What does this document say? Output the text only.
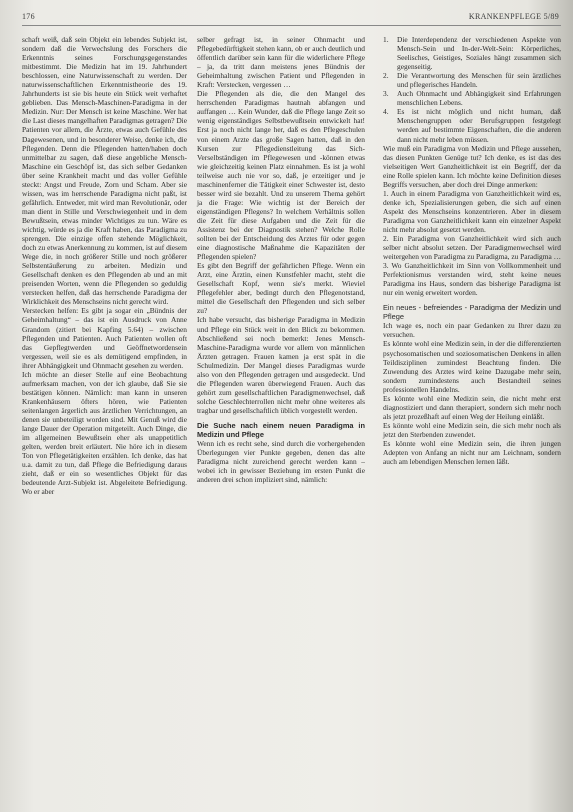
176	KRANKENPFLEGE 5/89

schaft weiß, daß sein Objekt ein lebendes Subjekt ist, sondern daß die Verwechslung des Forschers die Erkenntnis seines Forschungsgegenstandes mitbestimmt. Die Medizin hat im 19. Jahrhundert beschlossen, eine Naturwissenschaft zu werden. Der naturwissenschaftlichen Erkenntnistheorie des 19. Jahrhunderts ist sie bis heute ein Stück weit verhaftet geblieben. Das Mensch-Maschinen-Paradigma in der Medizin. Nur: Der Mensch ist keine Maschine. Wer hat die Last dieses mangelhaften Paradigmas getragen? Die Patienten vor allem, die Ärzte, etwas auch Gefühle des Dagewesenen, und in besonderer Weise, denke ich, die Pflegenden. Denn die Pflegenden hatten/haben doch unmittelbar zu sagen, daß diese angebliche Mensch-Maschine ein Geschöpf ist, das sich selber Gedanken über seine Krankheit macht und das voller Gefühle steckt: Angst und Freude, Zorn und Scham. Aber sie wissen, was im herrschende Paradigma nicht paßt, ist gefährlich. Entweder, mit wird man Revolutionär, oder man dient in Stille und Verschwiegenheit und in dem Bewußtsein, etwas minder Wichtiges zu tun. Wäre es wichtig, würde es ja die Kraft haben, das Paradigma zu sprengen. Die einzige offen stehende Möglichkeit, doch zu etwas Anerkennung zu kommen, ist auf diesem Wege die, in noch größerer Stille und noch größerer Selbstentäußerung zu arbeiten. Medizin und Gesellschaft denken es den Pflegenden ab und an mit preisenden Worten, wenn die Pflegenden so geduldig verstecken helfen, daß das herrschende Paradigma der Wirklichkeit des Menschseins nicht gerecht wird.

Verstecken helfen: Es gibt ja sogar ein „Bündnis der Geheimhaltung“ – das ist ein Ausdruck von Anne Grandom (zitiert bei Kapfing 5.64) – zwischen Pflegenden und Patienten. Auch Patienten wollen oft das Gepflegtwerden und Geöffnetwordensein vergessen, weil sie es als demütigend empfinden, in ihrer Abhängigkeit und Ohnmacht gesehen zu werden.

Ich möchte an dieser Stelle auf eine Beobachtung aufmerksam machen, von der ich glaube, daß Sie sie bestätigen können. Nämlich: man kann in unseren Krankenhäusern öfters hören, wie Patienten seitenlangen ärgerlich aus ärztlichen Verrichtungen, an denen sie unbeteiligt worden sind. Mit Genuß wird die lange Dauer der Operation mitgeteilt. Auch Dinge, die im allgemeinen Bewußtsein eher als unappetitlich gelten, werden breit erläutert. Nie höre ich in diesem Ton von Pflegetätigkeiten erzählen. Ich denke, das hat u.a. damit zu tun, daß Pflege die Befriedigung daraus zieht, daß er ein so wesentliches Objekt für das bedeutende Arzt-Subjekt ist. Abgeleitete Befriedigung. Wo er aber

selber gefragt ist, in seiner Ohnmacht und Pflegebedürftigkeit stehen kann, ob er auch deutlich und öffentlich darüber sein kann für die widerlichere Pflege – ja, da tritt dann meistens jenes Bündnis der Geheimhaltung zwischen Patient und Pflegenden in Kraft: Verstecken, vergessen …

Die Pflegenden als die, die den Mangel des herrschenden Paradigmas hautnah abfangen und auffangen … Kein Wunder, daß die Pflege lange Zeit so wenig eigenständiges Selbstbewußtsein entwickelt hat! Erst ja noch nicht lange her, daß es den Pflegeschulen von einem Arzte das große Sagen hatten, daß in den Kursen zur Pflegedienstleitung das Sich-Verselbständigen im Pflegewesen und -können etwas wie gleichzeitig keinen Platz einnahmen. Es ist ja wohl teilweise auch nie vor so, daß, je erzeitiger und je maschinenferner die Tätigkeit einer Schwester ist, desto besser wird sie bezahlt. Und zu unserem Thema gehört ja die Frage: Wie wichtig ist der Bereich der eigenständigen Pflegens? In welchem Verhältnis sollen die Zeit für diese Aufgaben und die Zeit für die Assistenz bei der Diagnostik stehen? Welche Rolle sollten bei der Entscheidung des Arztes für oder gegen eine diagnostische Maßnahme die Kapazitäten der Pflegenden spielen?

Es gibt den Begriff der gefährlichen Pflege. Wenn ein Arzt, eine Ärztin, einen Kunstfehler macht, steht die Gesellschaft Kopf, wenn sie's merkt. Wieviel Pflegefehler aber, bedingt durch den Pflegenotstand, mittel die Gesellschaft den Pflegenden und sich selber zu?

Ich habe versucht, das bisherige Paradigma in Medizin und Pflege ein Stück weit in den Blick zu bekommen. Abschließend sei noch bemerkt: Jenes Mensch-Maschine-Paradigma wurde vor allem von männlichen Ärzten getragen. Frauen kamen ja erst spät in die Schulmedizin. Der Mangel dieses Paradigmas wurde also von den Pflegenden getragen und ausgedeckt. Und die Pflegenden waren überwiegend Frauen. Auch das gehört zum gesellschaftlichen Paradigmenwechsel, daß solche Geschlechterrollen nicht mehr ohne weiteres als tragbar und gesellschaftlich üblich vorgestellt werden.

Die Suche nach einem neuen Paradigma in Medizin und Pflege

Wenn ich es recht sehe, sind durch die vorhergehenden Überlegungen vier Punkte gegeben, denen das alte Paradigma nicht zureichend gerecht werden kann – wobei ich in gewisser Beziehung im ersten Punkt die anderen drei schon impliziert sind, nämlich:

1. Die Interdependenz der verschiedenen Aspekte von Mensch-Sein und In-der-Welt-Sein: Körperliches, Seelisches, Geistiges, Soziales hängt zusammen sich gegenseitig.
2. Die Verantwortung des Menschen für sein ärztliches und pflegerisches Handeln.
3. Auch Ohnmacht und Abhängigkeit sind Erfahrungen menschlichen Lebens.
4. Es ist nicht möglich und nicht human, daß Menschengruppen oder Berufsgruppen festgelegt werden auf bestimmte Eigenschaften, die die anderen dann nicht mehr leben müssen.

Wie muß ein Paradigma von Medizin und Pflege aussehen, das diesen Punkten Genüge tut? Ich denke, es ist das des vielseitigen Wert Ganzheitlichkeit ist ein Begriff, der da eine Rolle spielen kann. Ich möchte keine Definition dieses Begriffs versuchen, aber doch drei Dinge anmerken:

1. Auch in einem Paradigma von Ganzheitlichkeit wird es, denke ich, Spezialisierungen geben, die sich auf einen Aspekt des Menschseins konzentrieren. Aber in diesem Paradigma von Ganzheitlichkeit kann ein einzelner Aspekt nicht mehr absolut gesetzt werden.

2. Ein Paradigma von Ganzheitlichkeit wird sich auch selber nicht absolut setzen. Der Paradigmenwechsel wird weitergehen von Paradigma zu Paradigma, zu Paradigma …

3. Wo Ganzheitlichkeit im Sinn von Vollkommenheit und Perfektionismus verstanden wird, steht keine neues Paradigma ins Haus, sondern das bisherige Paradigma ist nur ein wenig erweitert worden.

Ein neues - befreiendes - Paradigma der Medizin und Pflege

Ich wage es, noch ein paar Gedanken zu Ihrer dazu zu versuchen.

Es könnte wohl eine Medizin sein, in der die differenzierten psychosomatischen und soziosomatischen Denkens in allen Teildisziplinen zumindest Beachtung finden. Die Zuwendung des Arztes wird keine Dazugabe mehr sein, sondern zumindestens auch Bestandteil seines professionellen Handelns.

Es könnte wohl eine Medizin sein, die nicht mehr erst diagnostiziert und dann therapiert, sondern sich mehr noch als jetzt prozeßhaft auf einen Weg der Heilung einläßt.

Es könnte wohl eine Medizin sein, die sich mehr noch als jetzt den Sterbenden zuwendet.

Es könnte wohl eine Medizin sein, die ihren jungen Adepten von Anfang an nicht nur am Leichnam, sondern auch am lebendigen Menschen lernen läßt.
